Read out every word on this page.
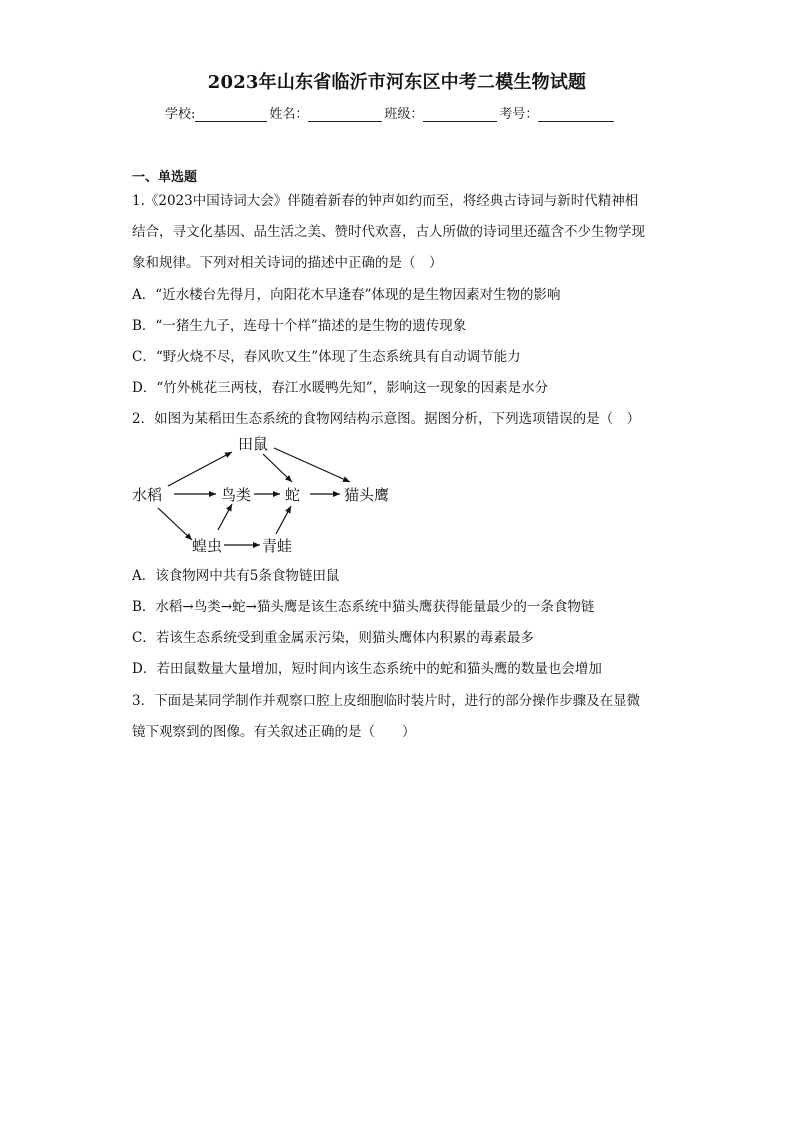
2023年山东省临沂市河东区中考二模生物试题
学校:	姓名：	班级：	考号：
一、单选题
1.《2023中国诗词大会》伴随着新春的钟声如约而至，将经典古诗词与新时代精神相
结合，寻文化基因、品生活之美、赞时代欢喜，古人所做的诗词里还蕴含不少生物学现
象和规律。下列对相关诗词的描述中正确的是（　）
A．“近水楼台先得月，向阳花木早逢春”体现的是生物因素对生物的影响
B．“一猪生九子，连母十个样”描述的是生物的遗传现象
C．“野火烧不尽，春风吹又生”体现了生态系统具有自动调节能力
D．“竹外桃花三两枝，春江水暖鸭先知”，影响这一现象的因素是水分
2．如图为某稻田生态系统的食物网结构示意图。据图分析，下列选项错误的是（　）
水稻
田鼠
鸟类 蛇	猫头鹰
蝗虫	青蛙
A．该食物网中共有5条食物链田鼠
B．水稻→鸟类→蛇→猫头鹰是该生态系统中猫头鹰获得能量最少的一条食物链
C．若该生态系统受到重金属汞污染，则猫头鹰体内积累的毒素最多
D．若田鼠数量大量增加，短时间内该生态系统中的蛇和猫头鹰的数量也会增加
3．下面是某同学制作并观察口腔上皮细胞临时装片时，进行的部分操作步骤及在显微
镜下观察到的图像。有关叙述正确的是（　　）
